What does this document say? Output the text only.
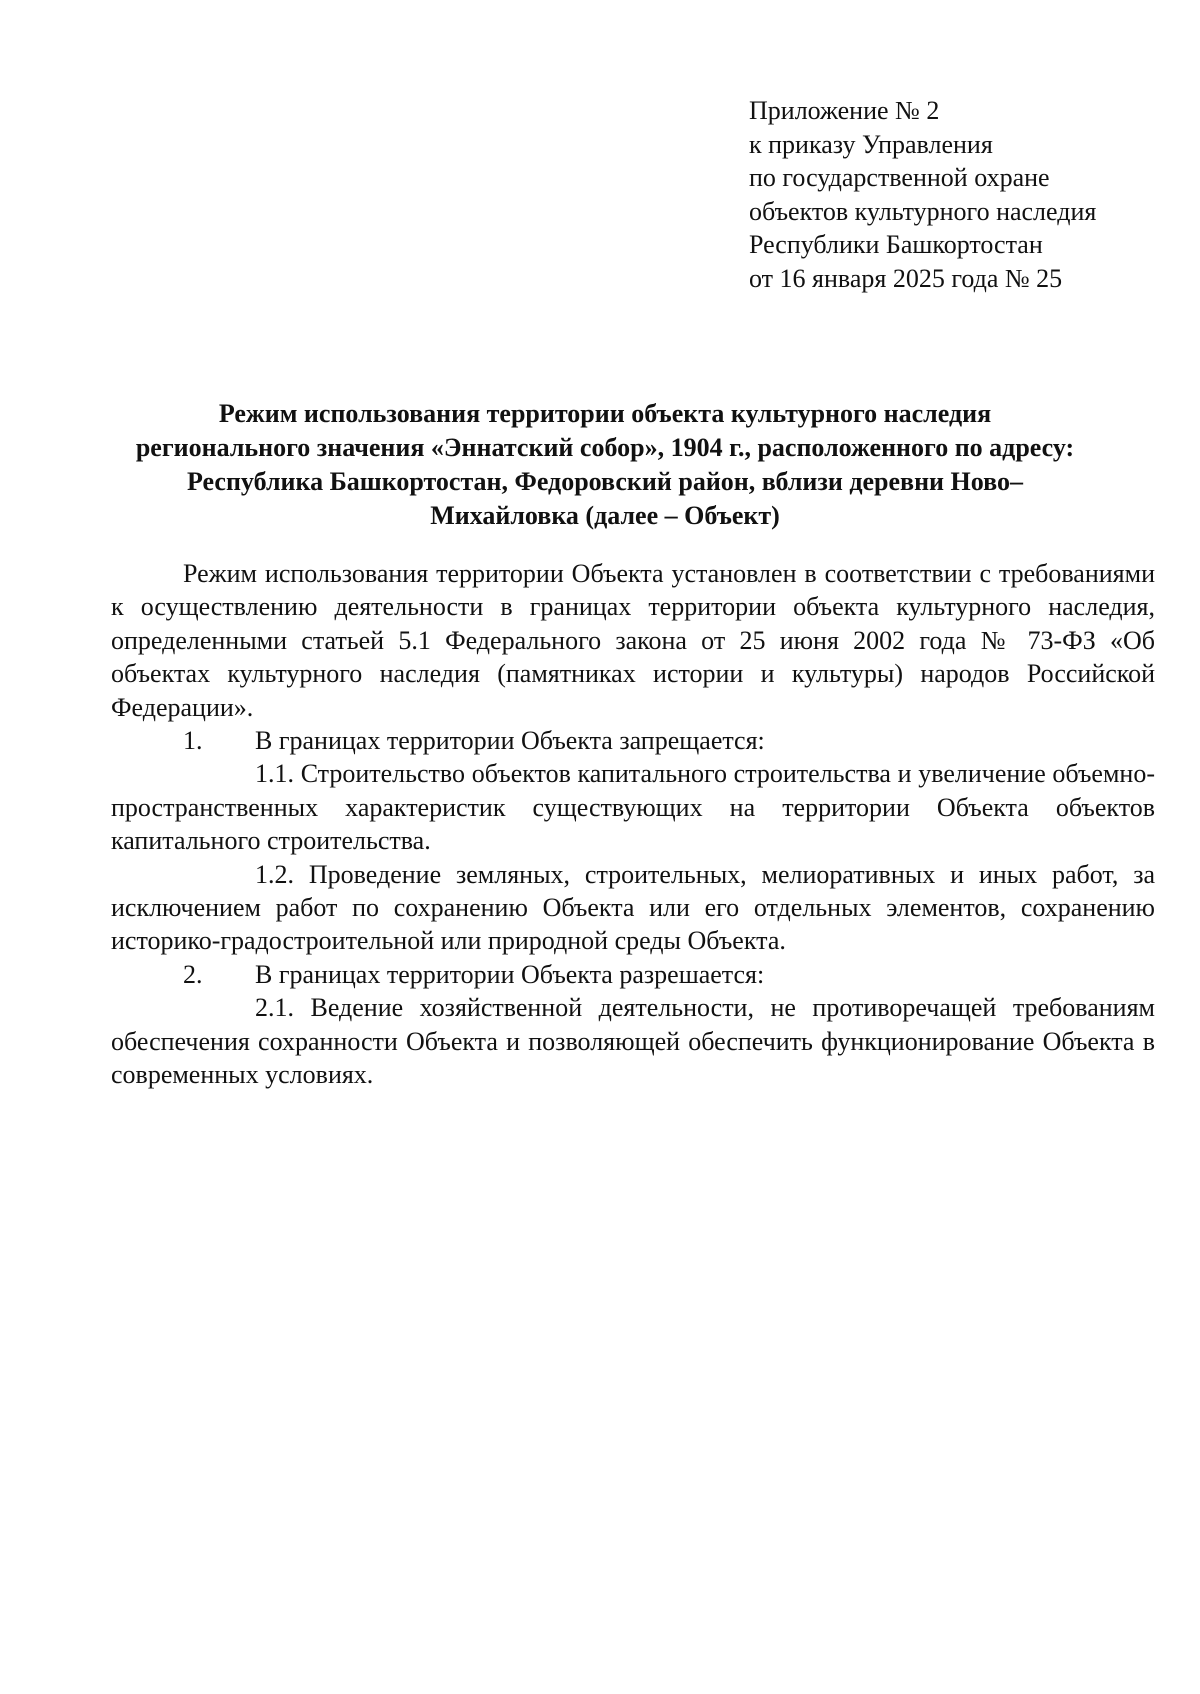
Приложение № 2
к приказу Управления
по государственной охране
объектов культурного наследия
Республики Башкортостан
от 16 января 2025 года № 25
Режим использования территории объекта культурного наследия
регионального значения «Эннатский собор», 1904 г., расположенного по адресу:
Республика Башкортостан, Федоровский район, вблизи деревни Ново–
Михайловка (далее – Объект)

Режим использования территории Объекта установлен в соответствии с требованиями к осуществлению деятельности в границах территории объекта культурного наследия, определенными статьей 5.1 Федерального закона от 25 июня 2002 года № 73-ФЗ «Об объектах культурного наследия (памятниках истории и культуры) народов Российской Федерации».

1. В границах территории Объекта запрещается:

1.1. Строительство объектов капитального строительства и увеличение объемно-пространственных характеристик существующих на территории Объекта объектов капитального строительства.

1.2. Проведение земляных, строительных, мелиоративных и иных работ, за исключением работ по сохранению Объекта или его отдельных элементов, сохранению историко-градостроительной или природной среды Объекта.

2. В границах территории Объекта разрешается:

2.1. Ведение хозяйственной деятельности, не противоречащей требованиям обеспечения сохранности Объекта и позволяющей обеспечить функционирование Объекта в современных условиях.
